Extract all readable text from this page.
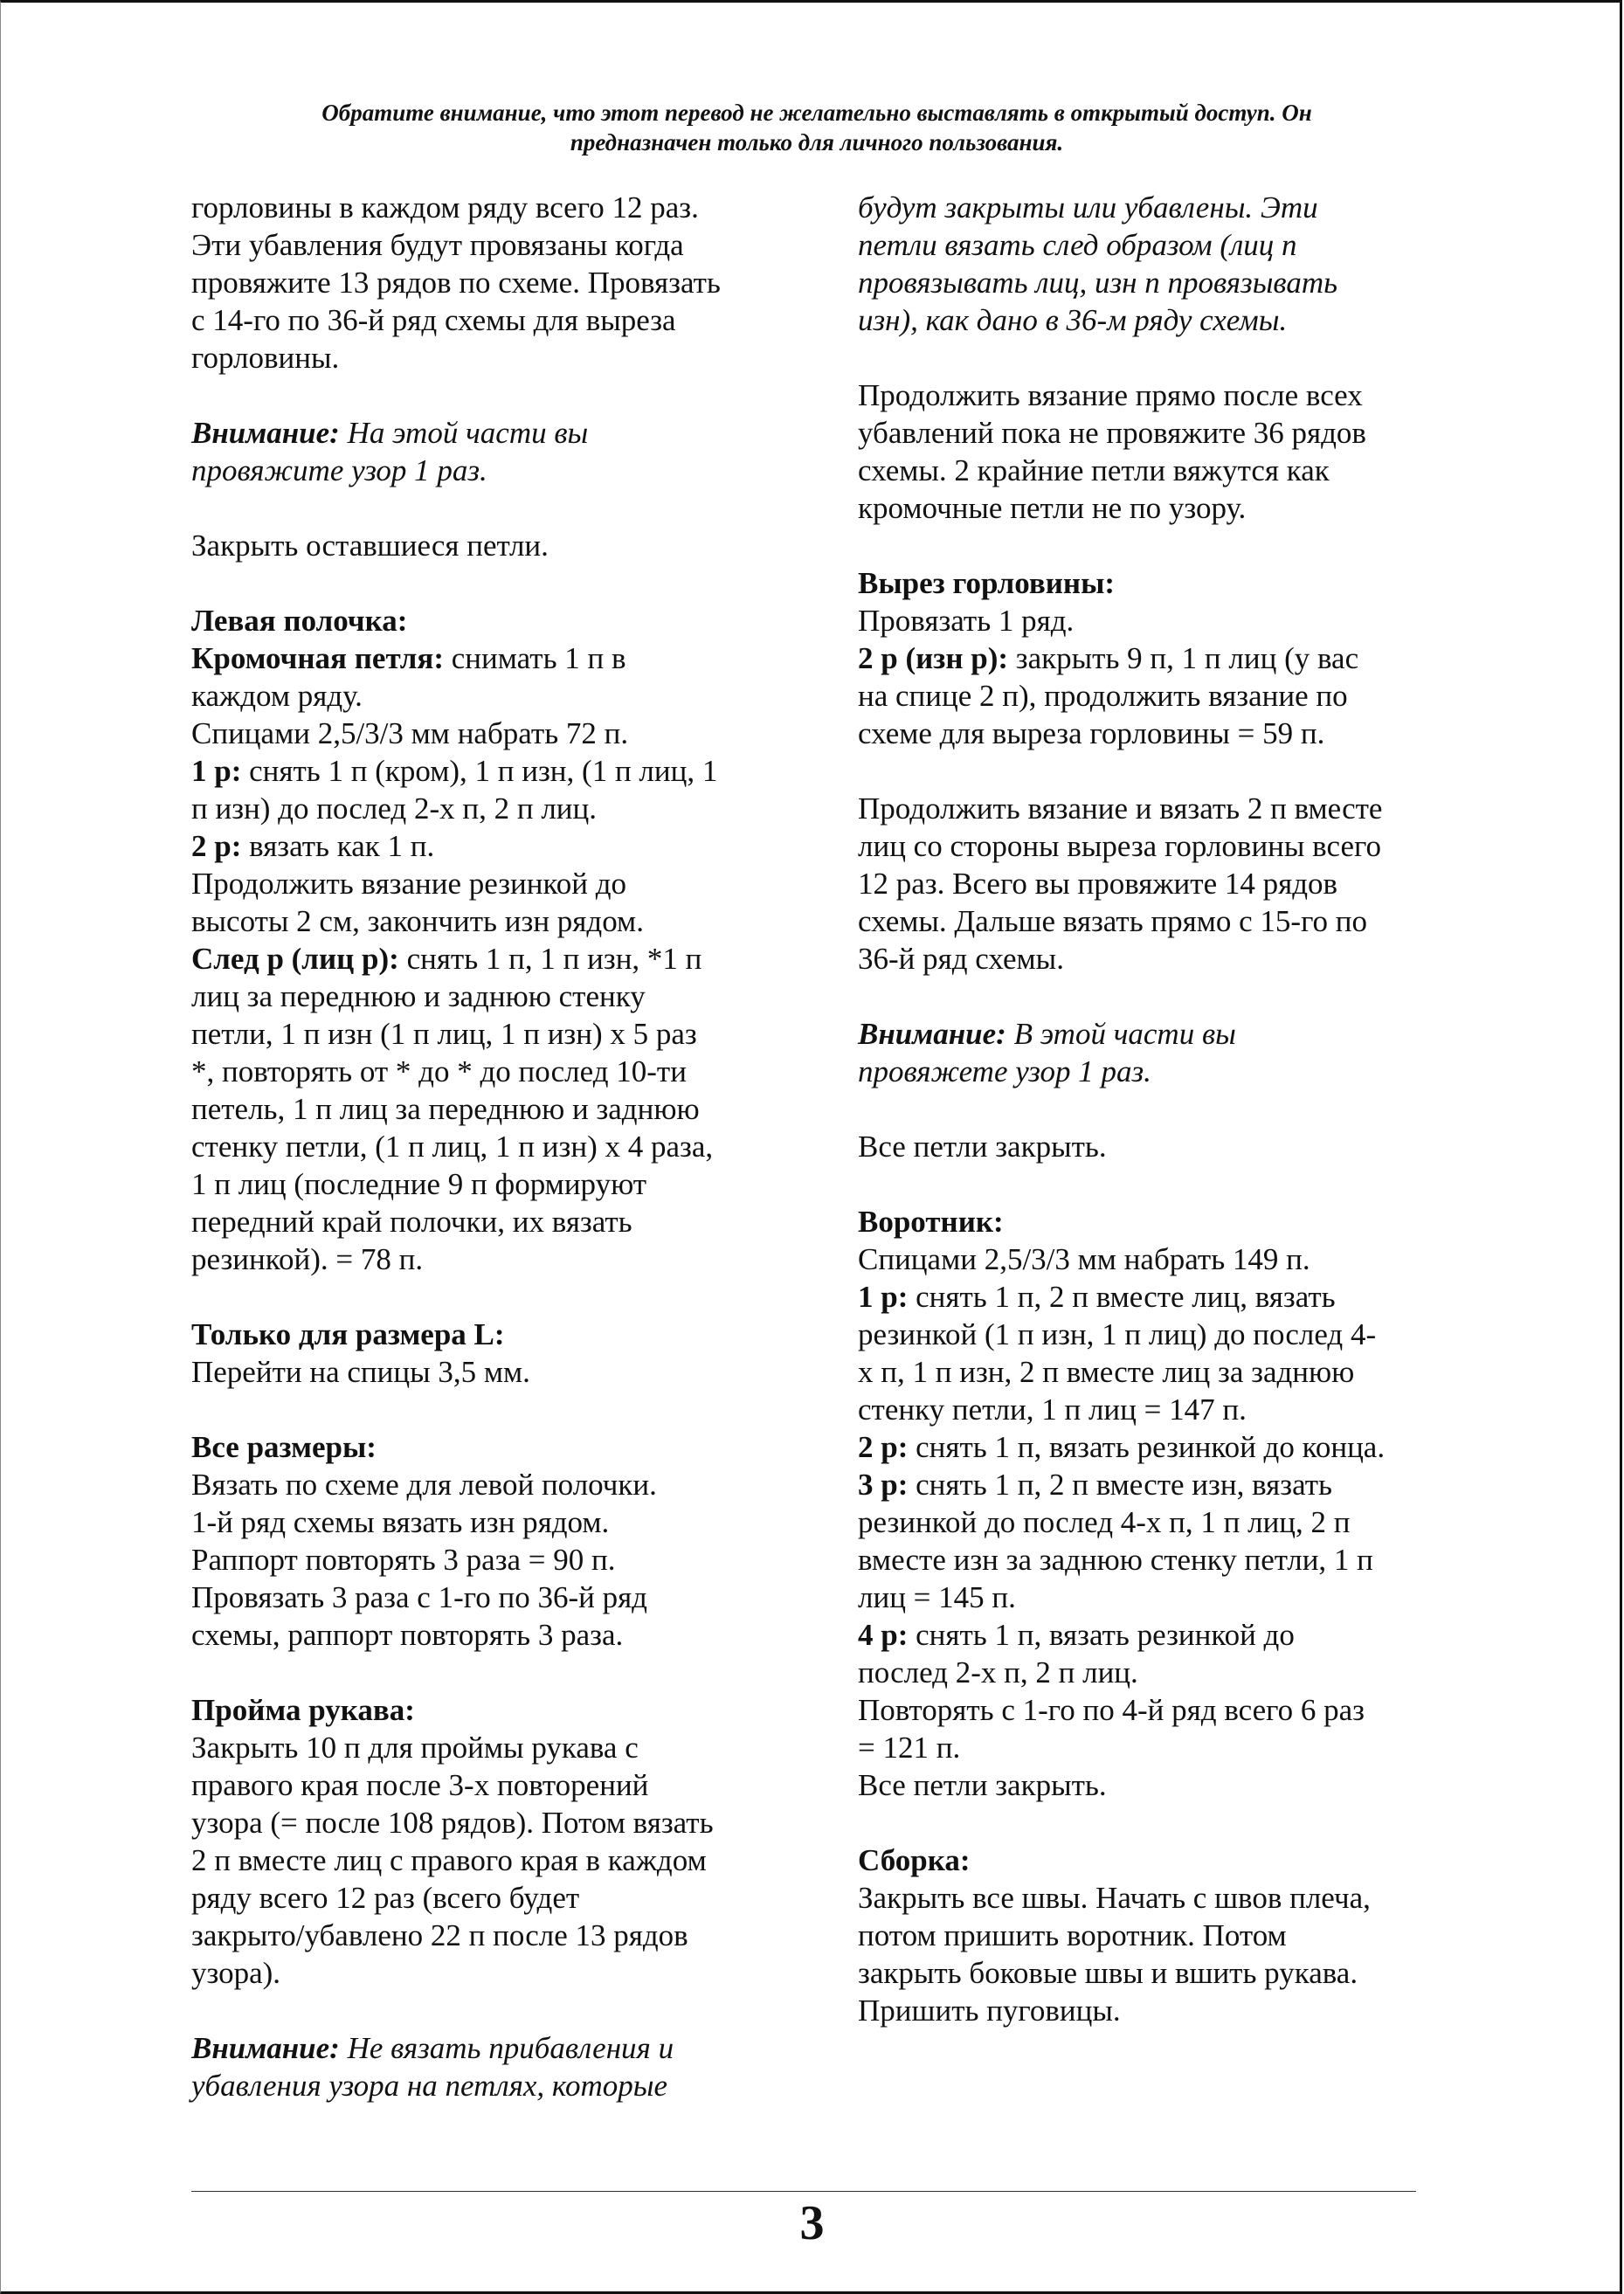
Обратите внимание, что этот перевод не желательно выставлять в открытый доступ. Он
предназначен только для личного пользования.

горловины в каждом ряду всего 12 раз.

Эти убавления будут провязаны когда

провяжите 13 рядов по схеме. Провязать

с 14-го по 36-й ряд схемы для выреза

горловины.

Внимание: На этой части вы

провяжите узор 1 раз.

Закрыть оставшиеся петли.

Левая полочка:

Кромочная петля: снимать 1 п в

каждом ряду.

Спицами 2,5/3/3 мм набрать 72 п.

1 р: снять 1 п (кром), 1 п изн, (1 п лиц, 1

п изн) до послед 2-х п, 2 п лиц.

2 р: вязать как 1 п.

Продолжить вязание резинкой до

высоты 2 см, закончить изн рядом.

След р (лиц р): снять 1 п, 1 п изн, *1 п

лиц за переднюю и заднюю стенку

петли, 1 п изн (1 п лиц, 1 п изн) х 5 раз

*, повторять от * до * до послед 10-ти

петель, 1 п лиц за переднюю и заднюю

стенку петли, (1 п лиц, 1 п изн) х 4 раза,

1 п лиц (последние 9 п формируют

передний край полочки, их вязать

резинкой). = 78 п.

Только для размера L:

Перейти на спицы 3,5 мм.

Все размеры:

Вязать по схеме для левой полочки.

1-й ряд схемы вязать изн рядом.

Раппорт повторять 3 раза = 90 п.

Провязать 3 раза с 1-го по 36-й ряд

схемы, раппорт повторять 3 раза.

Пройма рукава:

Закрыть 10 п для проймы рукава с

правого края после 3-х повторений

узора (= после 108 рядов). Потом вязать

2 п вместе лиц с правого края в каждом

ряду всего 12 раз (всего будет

закрыто/убавлено 22 п после 13 рядов

узора).

Внимание: Не вязать прибавления и

убавления узора на петлях, которые

будут закрыты или убавлены. Эти

петли вязать след образом (лиц п

провязывать лиц, изн п провязывать

изн), как дано в 36-м ряду схемы.

Продолжить вязание прямо после всех

убавлений пока не провяжите 36 рядов

схемы. 2 крайние петли вяжутся как

кромочные петли не по узору.

Вырез горловины:

Провязать 1 ряд.

2 р (изн р): закрыть 9 п, 1 п лиц (у вас

на спице 2 п), продолжить вязание по

схеме для выреза горловины = 59 п.

Продолжить вязание и вязать 2 п вместе

лиц со стороны выреза горловины всего

12 раз. Всего вы провяжите 14 рядов

схемы. Дальше вязать прямо с 15-го по

36-й ряд схемы.

Внимание: В этой части вы

провяжете узор 1 раз.

Все петли закрыть.

Воротник:

Спицами 2,5/3/3 мм набрать 149 п.

1 р: снять 1 п, 2 п вместе лиц, вязать

резинкой (1 п изн, 1 п лиц) до послед 4-

х п, 1 п изн, 2 п вместе лиц за заднюю

стенку петли, 1 п лиц = 147 п.

2 р: снять 1 п, вязать резинкой до конца.

3 р: снять 1 п, 2 п вместе изн, вязать

резинкой до послед 4-х п, 1 п лиц, 2 п

вместе изн за заднюю стенку петли, 1 п

лиц = 145 п.

4 р: снять 1 п, вязать резинкой до

послед 2-х п, 2 п лиц.

Повторять с 1-го по 4-й ряд всего 6 раз

= 121 п.

Все петли закрыть.

Сборка:

Закрыть все швы. Начать с швов плеча,

потом пришить воротник. Потом

закрыть боковые швы и вшить рукава.

Пришить пуговицы.

3
